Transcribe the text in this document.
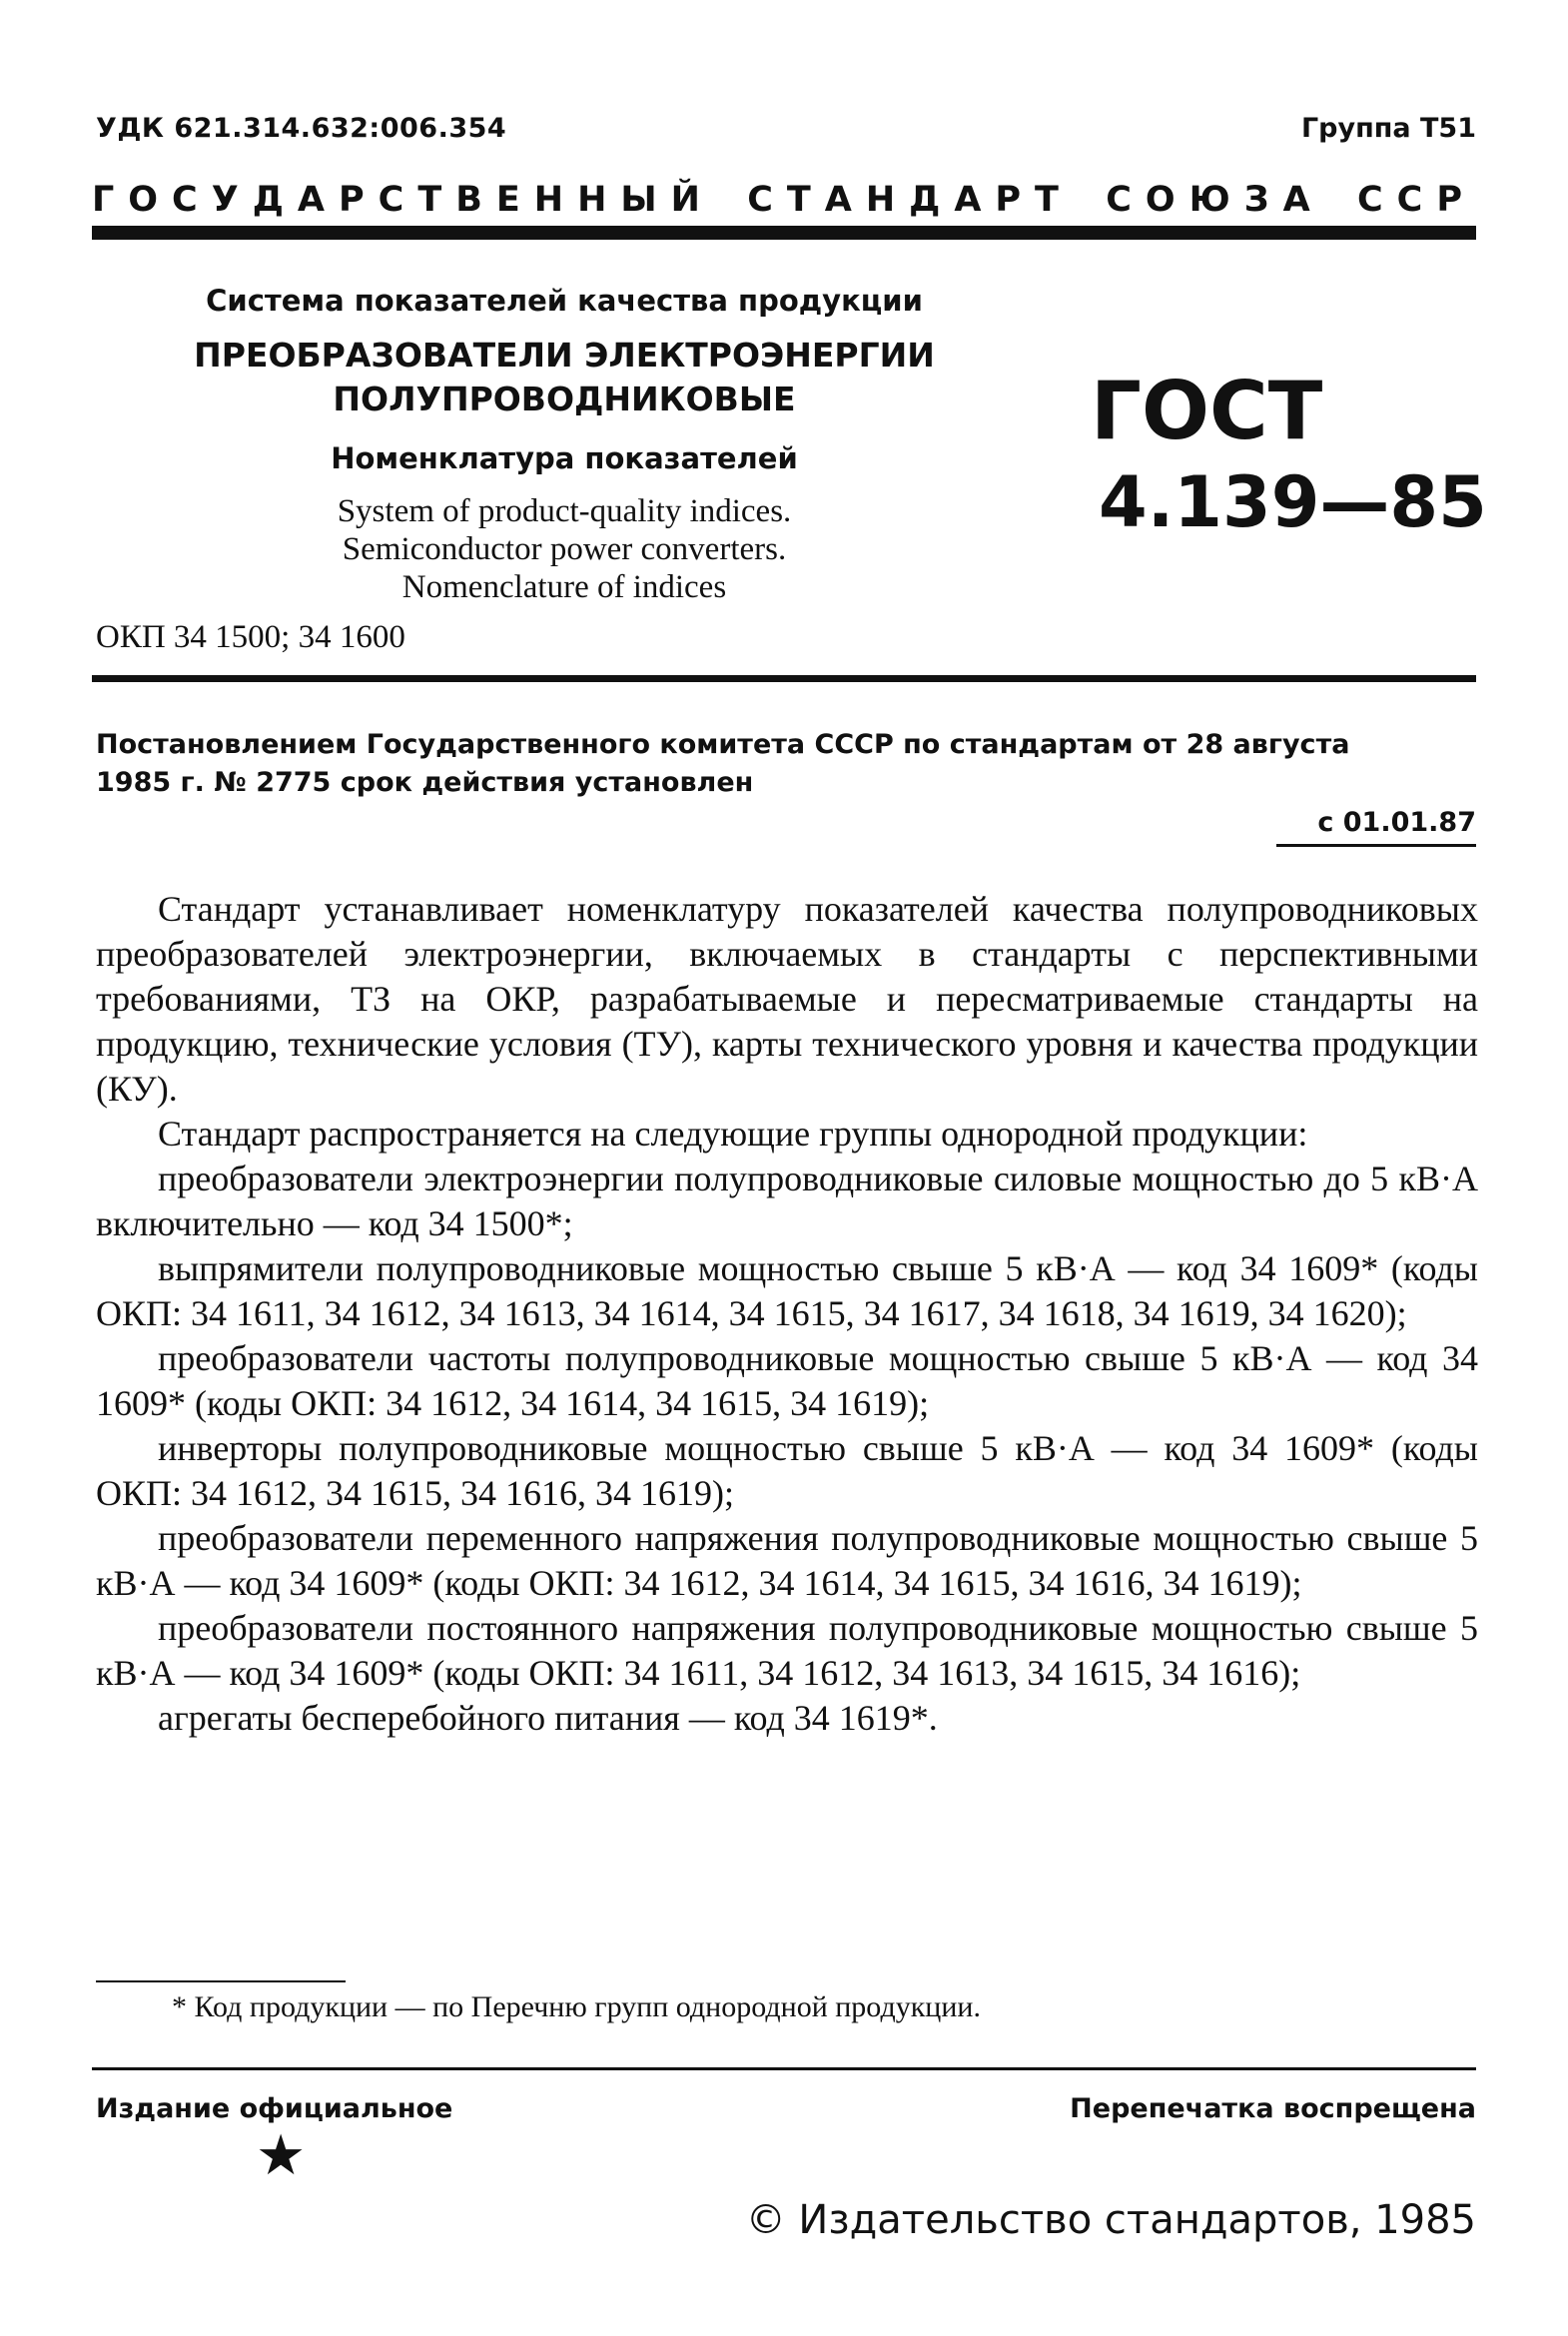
УДК 621.314.632:006.354	Группа Т51
ГОСУДАРСТВЕННЫЙ СТАНДАРТ СОЮЗА ССР
Система показателей качества продукции
ПРЕОБРАЗОВАТЕЛИ ЭЛЕКТРОЭНЕРГИИ
ПОЛУПРОВОДНИКОВЫЕ
Номенклатура показателей
System of product-quality indices.
Semiconductor power converters.
Nomenclature of indices
ОКП 34 1500; 34 1600
ГОСТ
4.139—85
Постановлением Государственного комитета СССР по стандартам от 28 августа
1985 г. № 2775 срок действия установлен
с 01.01.87

Стандарт устанавливает номенклатуру показателей качества полупроводниковых преобразователей электроэнергии, включаемых в стандарты с перспективными требованиями, ТЗ на ОКР, разрабатываемые и пересматриваемые стандарты на продукцию, технические условия (ТУ), карты технического уровня и качества продукции (КУ).

Стандарт распространяется на следующие группы однородной продукции:

преобразователи электроэнергии полупроводниковые силовые мощностью до 5 кВ·А включительно — код 34 1500*;

выпрямители полупроводниковые мощностью свыше 5 кВ·А — код 34 1609* (коды ОКП: 34 1611, 34 1612, 34 1613, 34 1614, 34 1615, 34 1617, 34 1618, 34 1619, 34 1620);

преобразователи частоты полупроводниковые мощностью свыше 5 кВ·А — код 34 1609* (коды ОКП: 34 1612, 34 1614, 34 1615, 34 1619);

инверторы полупроводниковые мощностью свыше 5 кВ·А — код 34 1609* (коды ОКП: 34 1612, 34 1615, 34 1616, 34 1619);

преобразователи переменного напряжения полупроводниковые мощностью свыше 5 кВ·А — код 34 1609* (коды ОКП: 34 1612, 34 1614, 34 1615, 34 1616, 34 1619);

преобразователи постоянного напряжения полупроводниковые мощностью свыше 5 кВ·А — код 34 1609* (коды ОКП: 34 1611, 34 1612, 34 1613, 34 1615, 34 1616);

агрегаты бесперебойного питания — код 34 1619*.

* Код продукции — по Перечню групп однородной продукции.
Издание официальное	Перепечатка воспрещена
★
© Издательство стандартов, 1985
